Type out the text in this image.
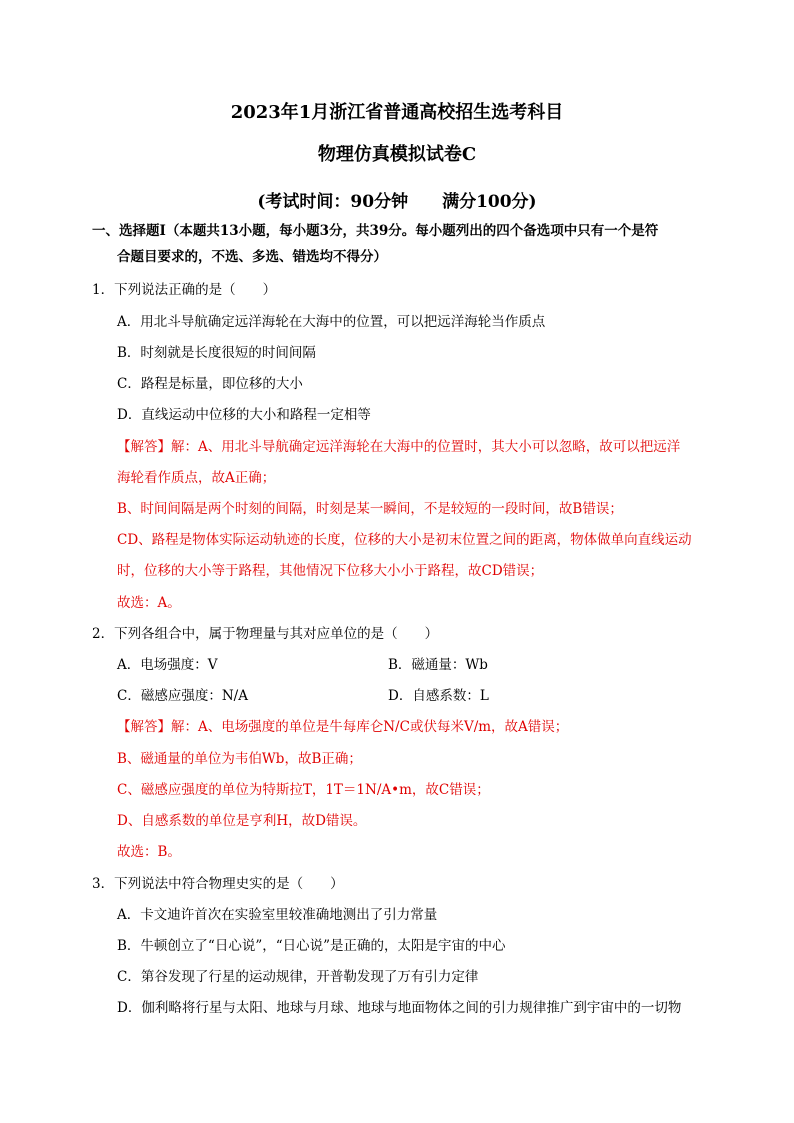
2023年1月浙江省普通高校招生选考科目
物理仿真模拟试卷C
(考试时间：90分钟　　满分100分)
一、选择题Ⅰ（本题共13小题，每小题3分，共39分。每小题列出的四个备选项中只有一个是符
合题目要求的，不选、多选、错选均不得分）
1．下列说法正确的是（　　）
A．用北斗导航确定远洋海轮在大海中的位置，可以把远洋海轮当作质点
B．时刻就是长度很短的时间间隔
C．路程是标量，即位移的大小
D．直线运动中位移的大小和路程一定相等
【解答】解：A、用北斗导航确定远洋海轮在大海中的位置时，其大小可以忽略，故可以把远洋
海轮看作质点，故A正确；
B、时间间隔是两个时刻的间隔，时刻是某一瞬间，不是较短的一段时间，故B错误；
CD、路程是物体实际运动轨迹的长度，位移的大小是初末位置之间的距离，物体做单向直线运动
时，位移的大小等于路程，其他情况下位移大小小于路程，故CD错误；
故选：A。
2．下列各组合中，属于物理量与其对应单位的是（　　）
A．电场强度：V	B．磁通量：Wb
C．磁感应强度：N/A	D．自感系数：L
【解答】解：A、电场强度的单位是牛每库仑N/C或伏每米V/m，故A错误；
B、磁通量的单位为韦伯Wb，故B正确；
C、磁感应强度的单位为特斯拉T，1T＝1N/A•m，故C错误；
D、自感系数的单位是亨利H，故D错误。
故选：B。
3．下列说法中符合物理史实的是（　　）
A．卡文迪许首次在实验室里较准确地测出了引力常量
B．牛顿创立了“日心说”，“日心说”是正确的，太阳是宇宙的中心
C．第谷发现了行星的运动规律，开普勒发现了万有引力定律
D．伽利略将行星与太阳、地球与月球、地球与地面物体之间的引力规律推广到宇宙中的一切物
